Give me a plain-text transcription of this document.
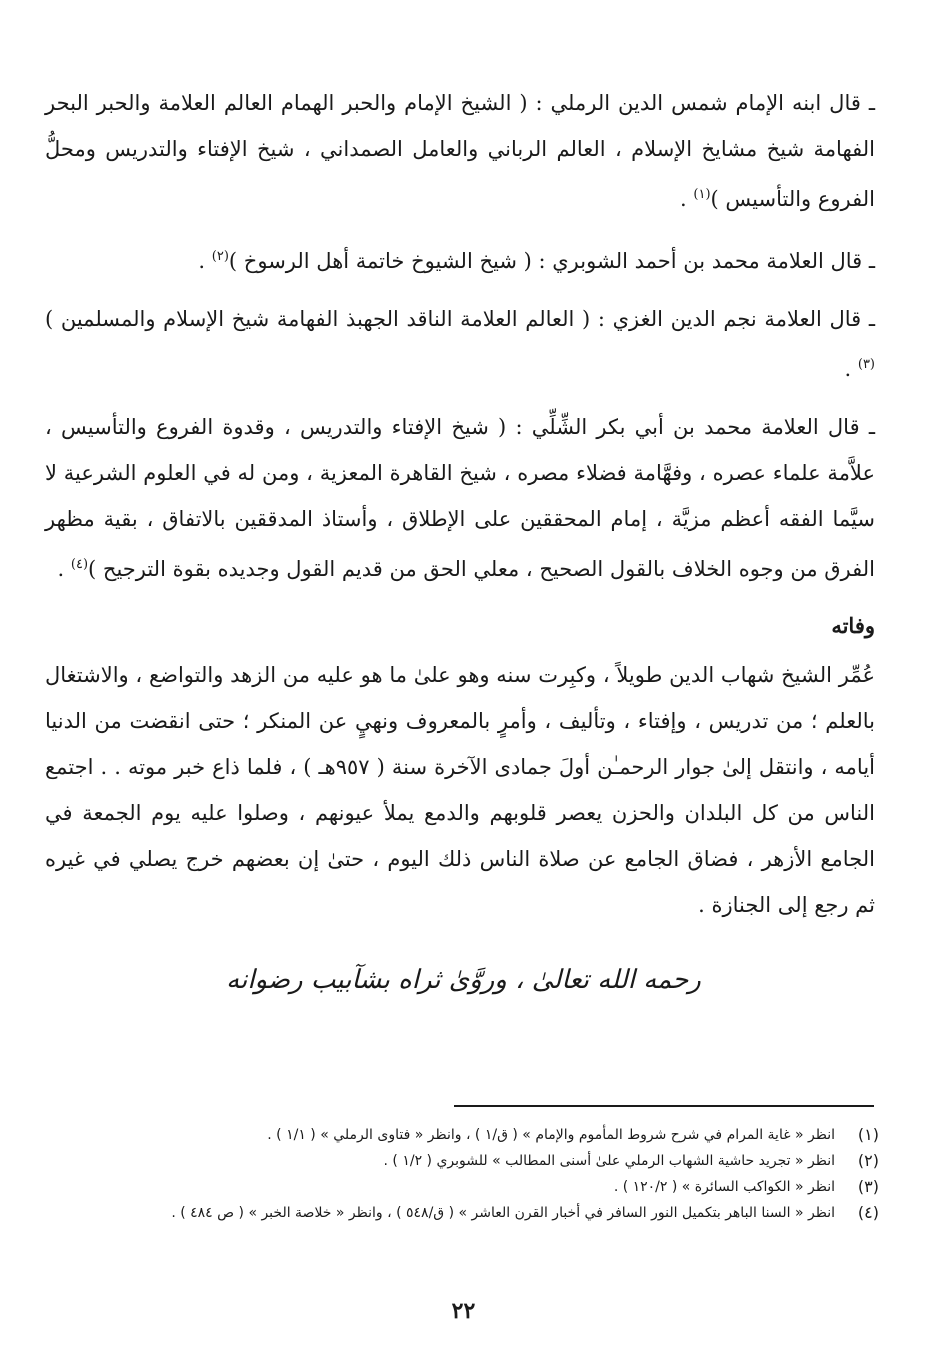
ـ قال ابنه الإمام شمس الدين الرملي : ( الشيخ الإمام والحبر الهمام العالم العلامة والحبر البحر الفهامة شيخ مشايخ الإسلام ، العالم الرباني والعامل الصمداني ، شيخ الإفتاء والتدريس ومحلُّ الفروع والتأسيس )$^{(١)}$ .

ـ قال العلامة محمد بن أحمد الشوبري : ( شيخ الشيوخ خاتمة أهل الرسوخ )$^{(٢)}$ .

ـ قال العلامة نجم الدين الغزي : ( العالم العلامة الناقد الجهبذ الفهامة شيخ الإسلام والمسلمين )$^{(٣)}$ .

ـ قال العلامة محمد بن أبي بكر الشِّلِّي : ( شيخ الإفتاء والتدريس ، وقدوة الفروع والتأسيس ، علاَّمة علماء عصره ، وفهَّامة فضلاء مصره ، شيخ القاهرة المعزية ، ومن له في العلوم الشرعية لا سيَّما الفقه أعظم مزيَّة ، إمام المحققين على الإطلاق ، وأستاذ المدققين بالاتفاق ، بقية مظهر الفرق من وجوه الخلاف بالقول الصحيح ، معلي الحق من قديم القول وجديده بقوة الترجيح )$^{(٤)}$ .

وفاته

عُمِّر الشيخ شهاب الدين طويلاً ، وكبِرت سنه وهو علىٰ ما هو عليه من الزهد والتواضع ، والاشتغال بالعلم ؛ من تدريس ، وإفتاء ، وتأليف ، وأمرٍ بالمعروف ونهيٍ عن المنكر ؛ حتى انقضت من الدنيا أيامه ، وانتقل إلىٰ جوار الرحمـٰن أولَ جمادى الآخرة سنة ( ٩٥٧هـ ) ، فلما ذاع خبر موته . . اجتمع الناس من كل البلدان والحزن يعصر قلوبهم والدمع يملأ عيونهم ، وصلوا عليه يوم الجمعة في الجامع الأزهر ، فضاق الجامع عن صلاة الناس ذلك اليوم ، حتىٰ إن بعضهم خرج يصلي في غيره ثم رجع إلى الجنازة .

رحمه الله تعالىٰ ، وروَّىٰ ثراه بشآبيب رضوانه
(١)
انظر « غاية المرام في شرح شروط المأموم والإمام » ( ق/١ ) ، وانظر « فتاوى الرملي » ( ١/١ ) .
(٢)
انظر « تجريد حاشية الشهاب الرملي علىٰ أسنى المطالب » للشوبري ( ١/٢ ) .
(٣)
انظر « الكواكب السائرة » ( ١٢٠/٢ ) .
(٤)
انظر « السنا الباهر بتكميل النور السافر في أخبار القرن العاشر » ( ق/٥٤٨ ) ، وانظر « خلاصة الخبر » ( ص ٤٨٤ ) .
٢٢
